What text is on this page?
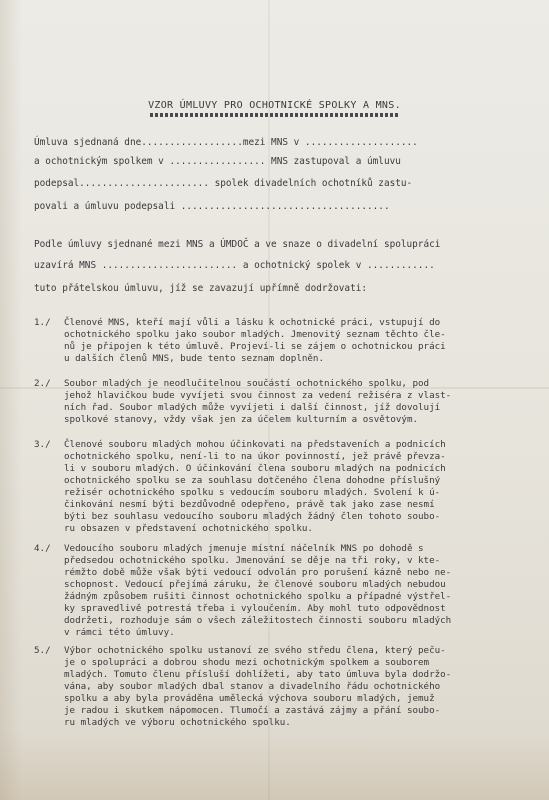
VZOR ÚMLUVY PRO OCHOTNICKÉ SPOLKY A MNS.
Úmluva sjednaná dne..................mezi MNS v ....................
a ochotnickým spolkem v ................. MNS zastupoval a úmluvu
podepsal....................... spolek divadelních ochotníků zastu-
povali a úmluvu podepsali .....................................
Podle úmluvy sjednané mezi MNS a ÚMDOČ a ve snaze o divadelní spolupráci
uzavírá MNS ........................ a ochotnický spolek v ............
tuto přátelskou úmluvu, jíž se zavazují upřímně dodržovati:
1./ Členové MNS, kteří mají vůli a lásku k ochotnické práci, vstupují do
ochotnického spolku jako soubor mladých. Jmenovitý seznam těchto čle-
nů je připojen k této úmluvě. Projeví-li se zájem o ochotnickou práci
u dalších členů MNS, bude tento seznam doplněn.
2./ Soubor mladých je neodlučitelnou součástí ochotnického spolku, pod
jehož hlavičkou bude vyvíjeti svou činnost za vedení režiséra z vlast-
ních řad. Soubor mladých může vyvíjeti i další činnost, jíž dovolují
spolkové stanovy, vždy však jen za účelem kulturním a osvětovým.
3./ Členové souboru mladých mohou účinkovati na představeních a podnicích
ochotnického spolku, není-li to na úkor povinností, jež právě převza-
li v souboru mladých. O účinkování člena souboru mladých na podnicích
ochotnického spolku se za souhlasu dotčeného člena dohodne příslušný
režisér ochotnického spolku s vedoucím souboru mladých. Svolení k ú-
činkování nesmí býti bezdůvodně odepřeno, právě tak jako zase nesmí
býti bez souhlasu vedoucího souboru mladých žádný člen tohoto soubo-
ru obsazen v představení ochotnického spolku.
4./ Vedoucího souboru mladých jmenuje místní náčelník MNS po dohodě s
předsedou ochotnického spolku. Jmenování se děje na tři roky, v kte-
rémžto době může však býti vedoucí odvolán pro porušení kázně nebo ne-
schopnost. Vedoucí přejímá záruku, že členové souboru mladých nebudou
žádným způsobem rušiti činnost ochotnického spolku a případné výstřel-
ky spravedlivě potrestá třeba i vyloučením. Aby mohl tuto odpovědnost
dodržeti, rozhoduje sám o všech záležitostech činnosti souboru mladých
v rámci této úmluvy.
5./ Výbor ochotnického spolku ustanoví ze svého středu člena, který peču-
je o spolupráci a dobrou shodu mezi ochotnickým spolkem a souborem
mladých. Tomuto členu přísluší dohlížeti, aby tato úmluva byla dodržo-
vána, aby soubor mladých dbal stanov a divadelního řádu ochotnického
spolku a aby byla prováděna umělecká výchova souboru mladých, jemuž
je radou i skutkem nápomocen. Tlumočí a zastává zájmy a přání soubo-
ru mladých ve výboru ochotnického spolku.
